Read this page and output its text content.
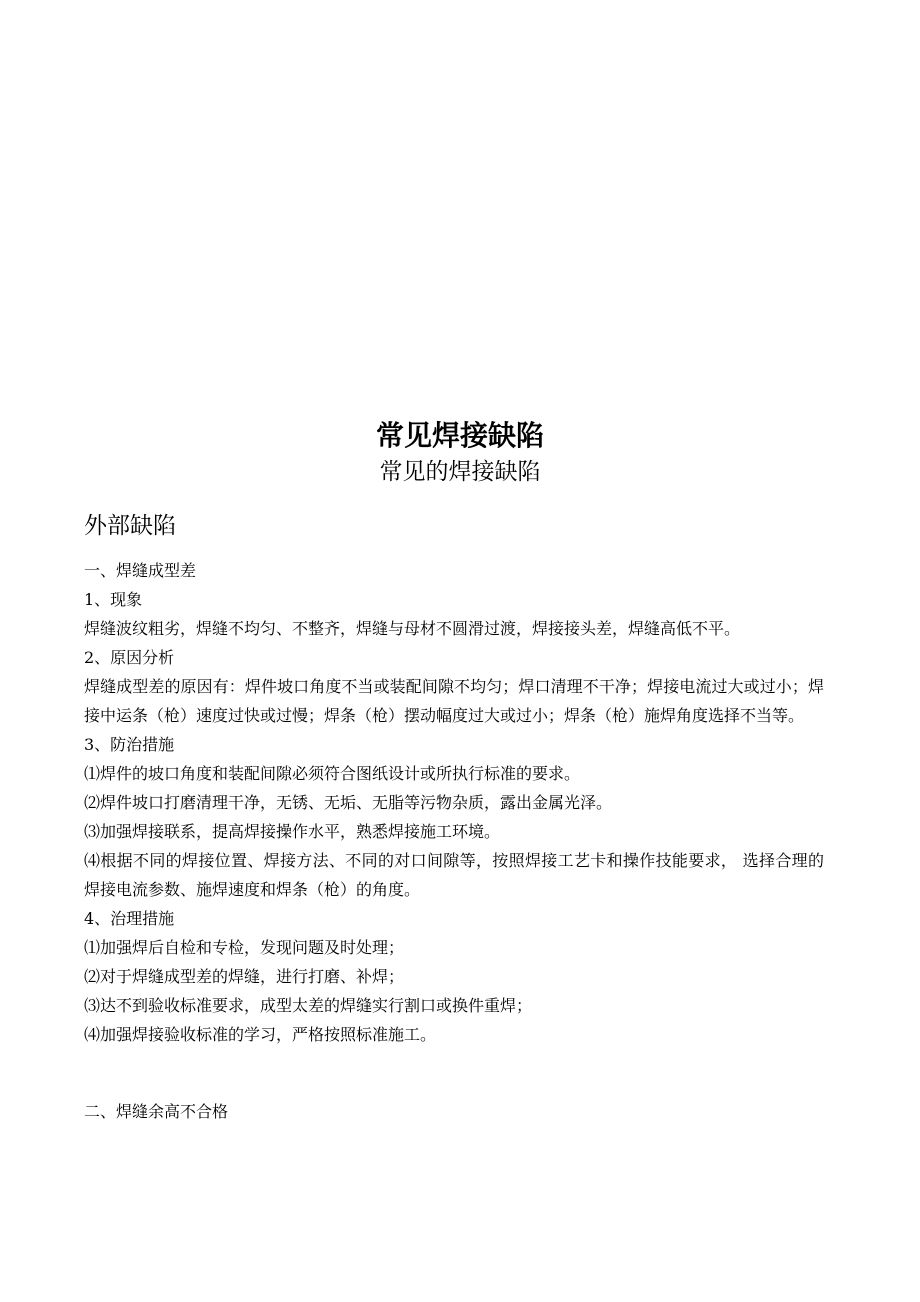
常见焊接缺陷
常见的焊接缺陷
外部缺陷
一、焊缝成型差
1、现象
焊缝波纹粗劣，焊缝不均匀、不整齐，焊缝与母材不圆滑过渡，焊接接头差，焊缝高低不平。
2、原因分析
焊缝成型差的原因有：焊件坡口角度不当或装配间隙不均匀；焊口清理不干净；焊接电流过大或过小；焊接中运条（枪）速度过快或过慢；焊条（枪）摆动幅度过大或过小；焊条（枪）施焊角度选择不当等。
3、防治措施
⑴焊件的坡口角度和装配间隙必须符合图纸设计或所执行标准的要求。
⑵焊件坡口打磨清理干净，无锈、无垢、无脂等污物杂质，露出金属光泽。
⑶加强焊接联系，提高焊接操作水平，熟悉焊接施工环境。
⑷根据不同的焊接位置、焊接方法、不同的对口间隙等，按照焊接工艺卡和操作技能要求， 选择合理的焊接电流参数、施焊速度和焊条（枪）的角度。
4、治理措施
⑴加强焊后自检和专检，发现问题及时处理；
⑵对于焊缝成型差的焊缝，进行打磨、补焊；
⑶达不到验收标准要求，成型太差的焊缝实行割口或换件重焊；
⑷加强焊接验收标准的学习，严格按照标准施工。
二、焊缝余高不合格
